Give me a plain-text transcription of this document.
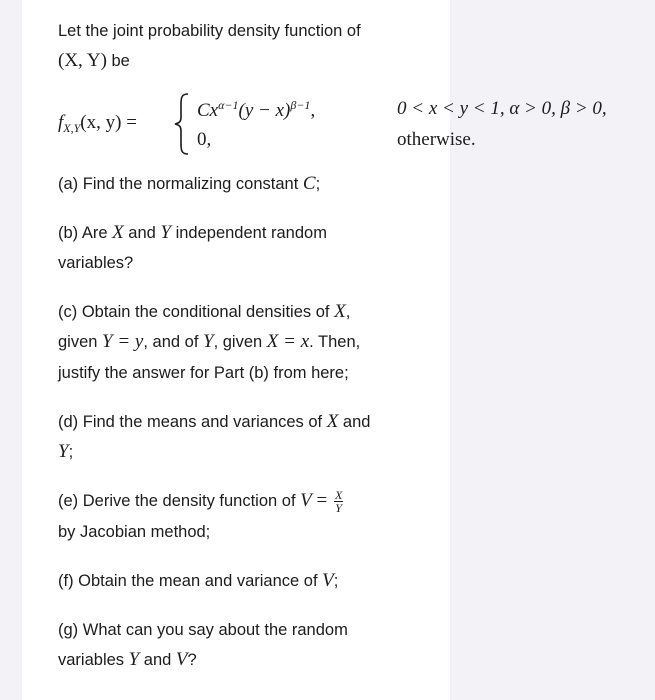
Let the joint probability density function of
(X, Y) be
$f_{X,Y}(x$, y) =
$Cx^{\alpha-1}(y - x)^{\beta-1}$,	0 < x < y < 1, α > 0, β > 0,
0,	otherwise.
(a) Find the normalizing constant C;
(b) Are X and Y independent random
variables?
(c) Obtain the conditional densities of X,
given Y = y, and of Y, given X = x. Then,
justify the answer for Part (b) from here;
(d) Find the means and variances of X and
Y;
(e) Derive the density function of $V = \frac{X}{Y}$
by Jacobian method;
(f) Obtain the mean and variance of V;
(g) What can you say about the random
variables Y and V?
